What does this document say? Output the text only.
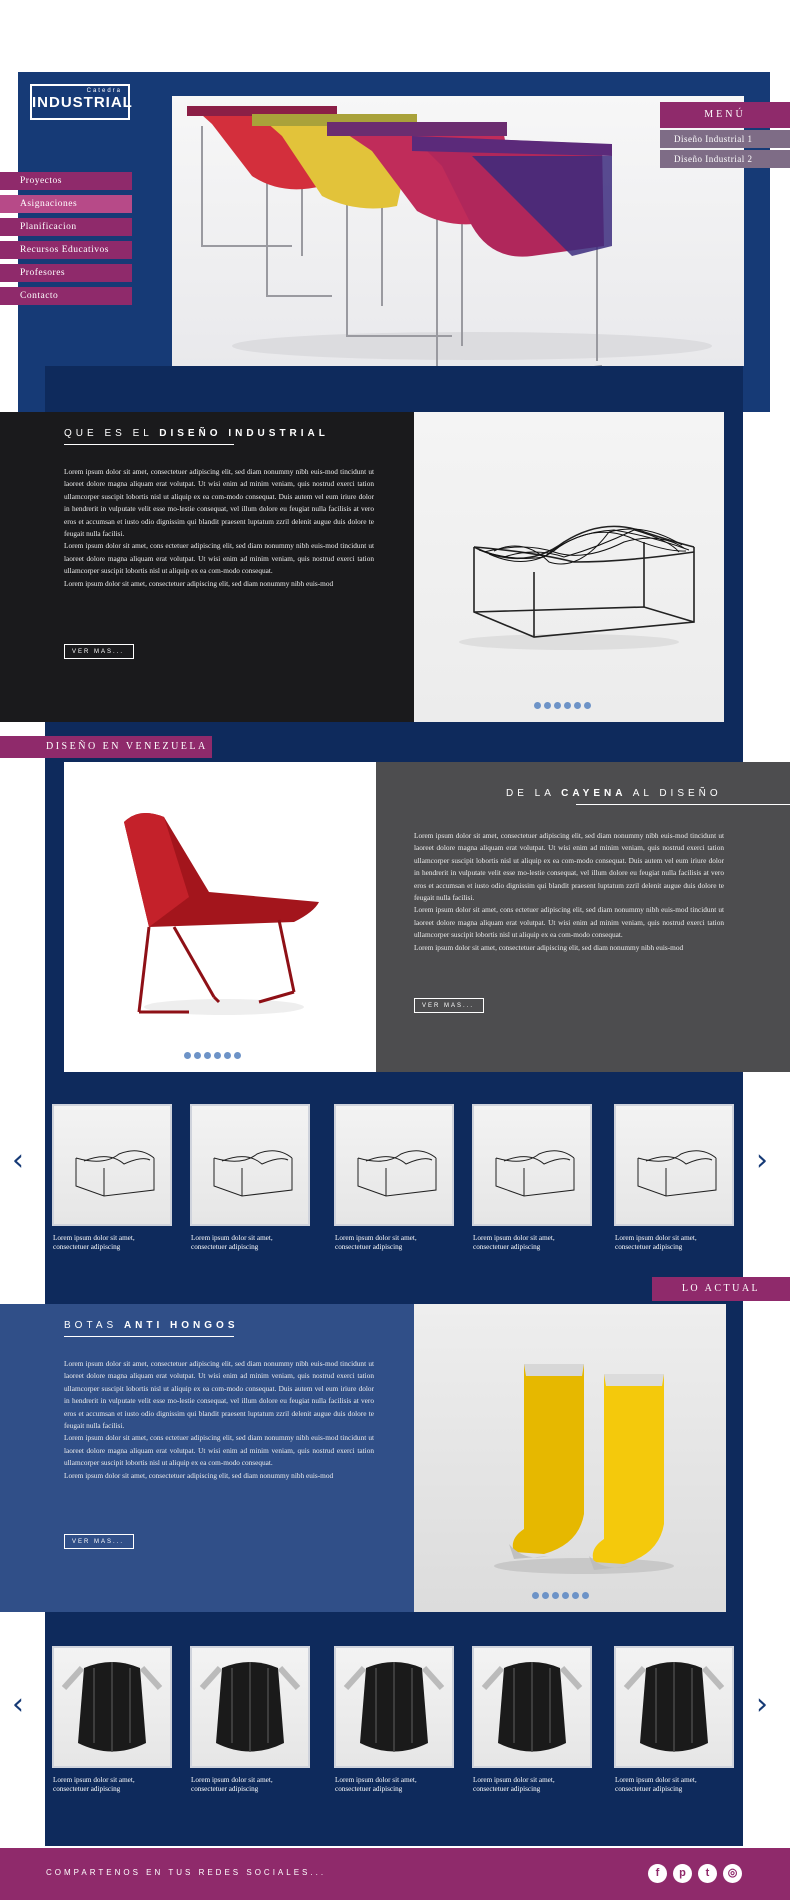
Catedra
INDUSTRIAL
Proyectos
Asignaciones
Planificacion
Recursos Educativos
Profesores
Contacto
MENÚ
Diseño Industrial 1
Diseño Industrial 2
QUE ES EL DISEÑO INDUSTRIAL
Lorem ipsum dolor sit amet, consectetuer adipiscing elit, sed diam nonummy nibh euis-mod tincidunt ut laoreet dolore magna aliquam erat volutpat. Ut wisi enim ad minim veniam, quis nostrud exerci tation ullamcorper suscipit lobortis nisl ut aliquip ex ea com-modo consequat. Duis autem vel eum iriure dolor in hendrerit in vulputate velit esse mo-lestie consequat, vel illum dolore eu feugiat nulla facilisis at vero eros et accumsan et iusto odio dignissim qui blandit praesent luptatum zzril delenit augue duis dolore te feugait nulla facilisi.
Lorem ipsum dolor sit amet, cons ectetuer adipiscing elit, sed diam nonummy nibh euis-mod tincidunt ut laoreet dolore magna aliquam erat volutpat. Ut wisi enim ad minim veniam, quis nostrud exerci tation ullamcorper suscipit lobortis nisl ut aliquip ex ea com-modo consequat.
Lorem ipsum dolor sit amet, consectetuer adipiscing elit, sed diam nonummy nibh euis-mod
VER MAS...
DISEÑO EN VENEZUELA
DE LA CAYENA AL DISEÑO
Lorem ipsum dolor sit amet, consectetuer adipiscing elit, sed diam nonummy nibh euis-mod tincidunt ut laoreet dolore magna aliquam erat volutpat. Ut wisi enim ad minim veniam, quis nostrud exerci tation ullamcorper suscipit lobortis nisl ut aliquip ex ea com-modo consequat. Duis autem vel eum iriure dolor in hendrerit in vulputate velit esse mo-lestie consequat, vel illum dolore eu feugiat nulla facilisis at vero eros et accumsan et iusto odio dignissim qui blandit praesent luptatum zzril delenit augue duis dolore te feugait nulla facilisi.
Lorem ipsum dolor sit amet, cons ectetuer adipiscing elit, sed diam nonummy nibh euis-mod tincidunt ut laoreet dolore magna aliquam erat volutpat. Ut wisi enim ad minim veniam, quis nostrud exerci tation ullamcorper suscipit lobortis nisl ut aliquip ex ea com-modo consequat.
Lorem ipsum dolor sit amet, consectetuer adipiscing elit, sed diam nonummy nibh euis-mod
VER MAS...
‹	›
Lorem ipsum dolor sit amet,
consectetuer adipiscing
Lorem ipsum dolor sit amet,
consectetuer adipiscing
Lorem ipsum dolor sit amet,
consectetuer adipiscing
Lorem ipsum dolor sit amet,
consectetuer adipiscing
Lorem ipsum dolor sit amet,
consectetuer adipiscing
LO ACTUAL
BOTAS ANTI HONGOS
Lorem ipsum dolor sit amet, consectetuer adipiscing elit, sed diam nonummy nibh euis-mod tincidunt ut laoreet dolore magna aliquam erat volutpat. Ut wisi enim ad minim veniam, quis nostrud exerci tation ullamcorper suscipit lobortis nisl ut aliquip ex ea com-modo consequat. Duis autem vel eum iriure dolor in hendrerit in vulputate velit esse mo-lestie consequat, vel illum dolore eu feugiat nulla facilisis at vero eros et accumsan et iusto odio dignissim qui blandit praesent luptatum zzril delenit augue duis dolore te feugait nulla facilisi.
Lorem ipsum dolor sit amet, cons ectetuer adipiscing elit, sed diam nonummy nibh euis-mod tincidunt ut laoreet dolore magna aliquam erat volutpat. Ut wisi enim ad minim veniam, quis nostrud exerci tation ullamcorper suscipit lobortis nisl ut aliquip ex ea com-modo consequat.
Lorem ipsum dolor sit amet, consectetuer adipiscing elit, sed diam nonummy nibh euis-mod
VER MAS...
‹	›
Lorem ipsum dolor sit amet,
consectetuer adipiscing
Lorem ipsum dolor sit amet,
consectetuer adipiscing
Lorem ipsum dolor sit amet,
consectetuer adipiscing
Lorem ipsum dolor sit amet,
consectetuer adipiscing
Lorem ipsum dolor sit amet,
consectetuer adipiscing
COMPARTENOS EN TUS REDES SOCIALES...	f	p	t	◎
